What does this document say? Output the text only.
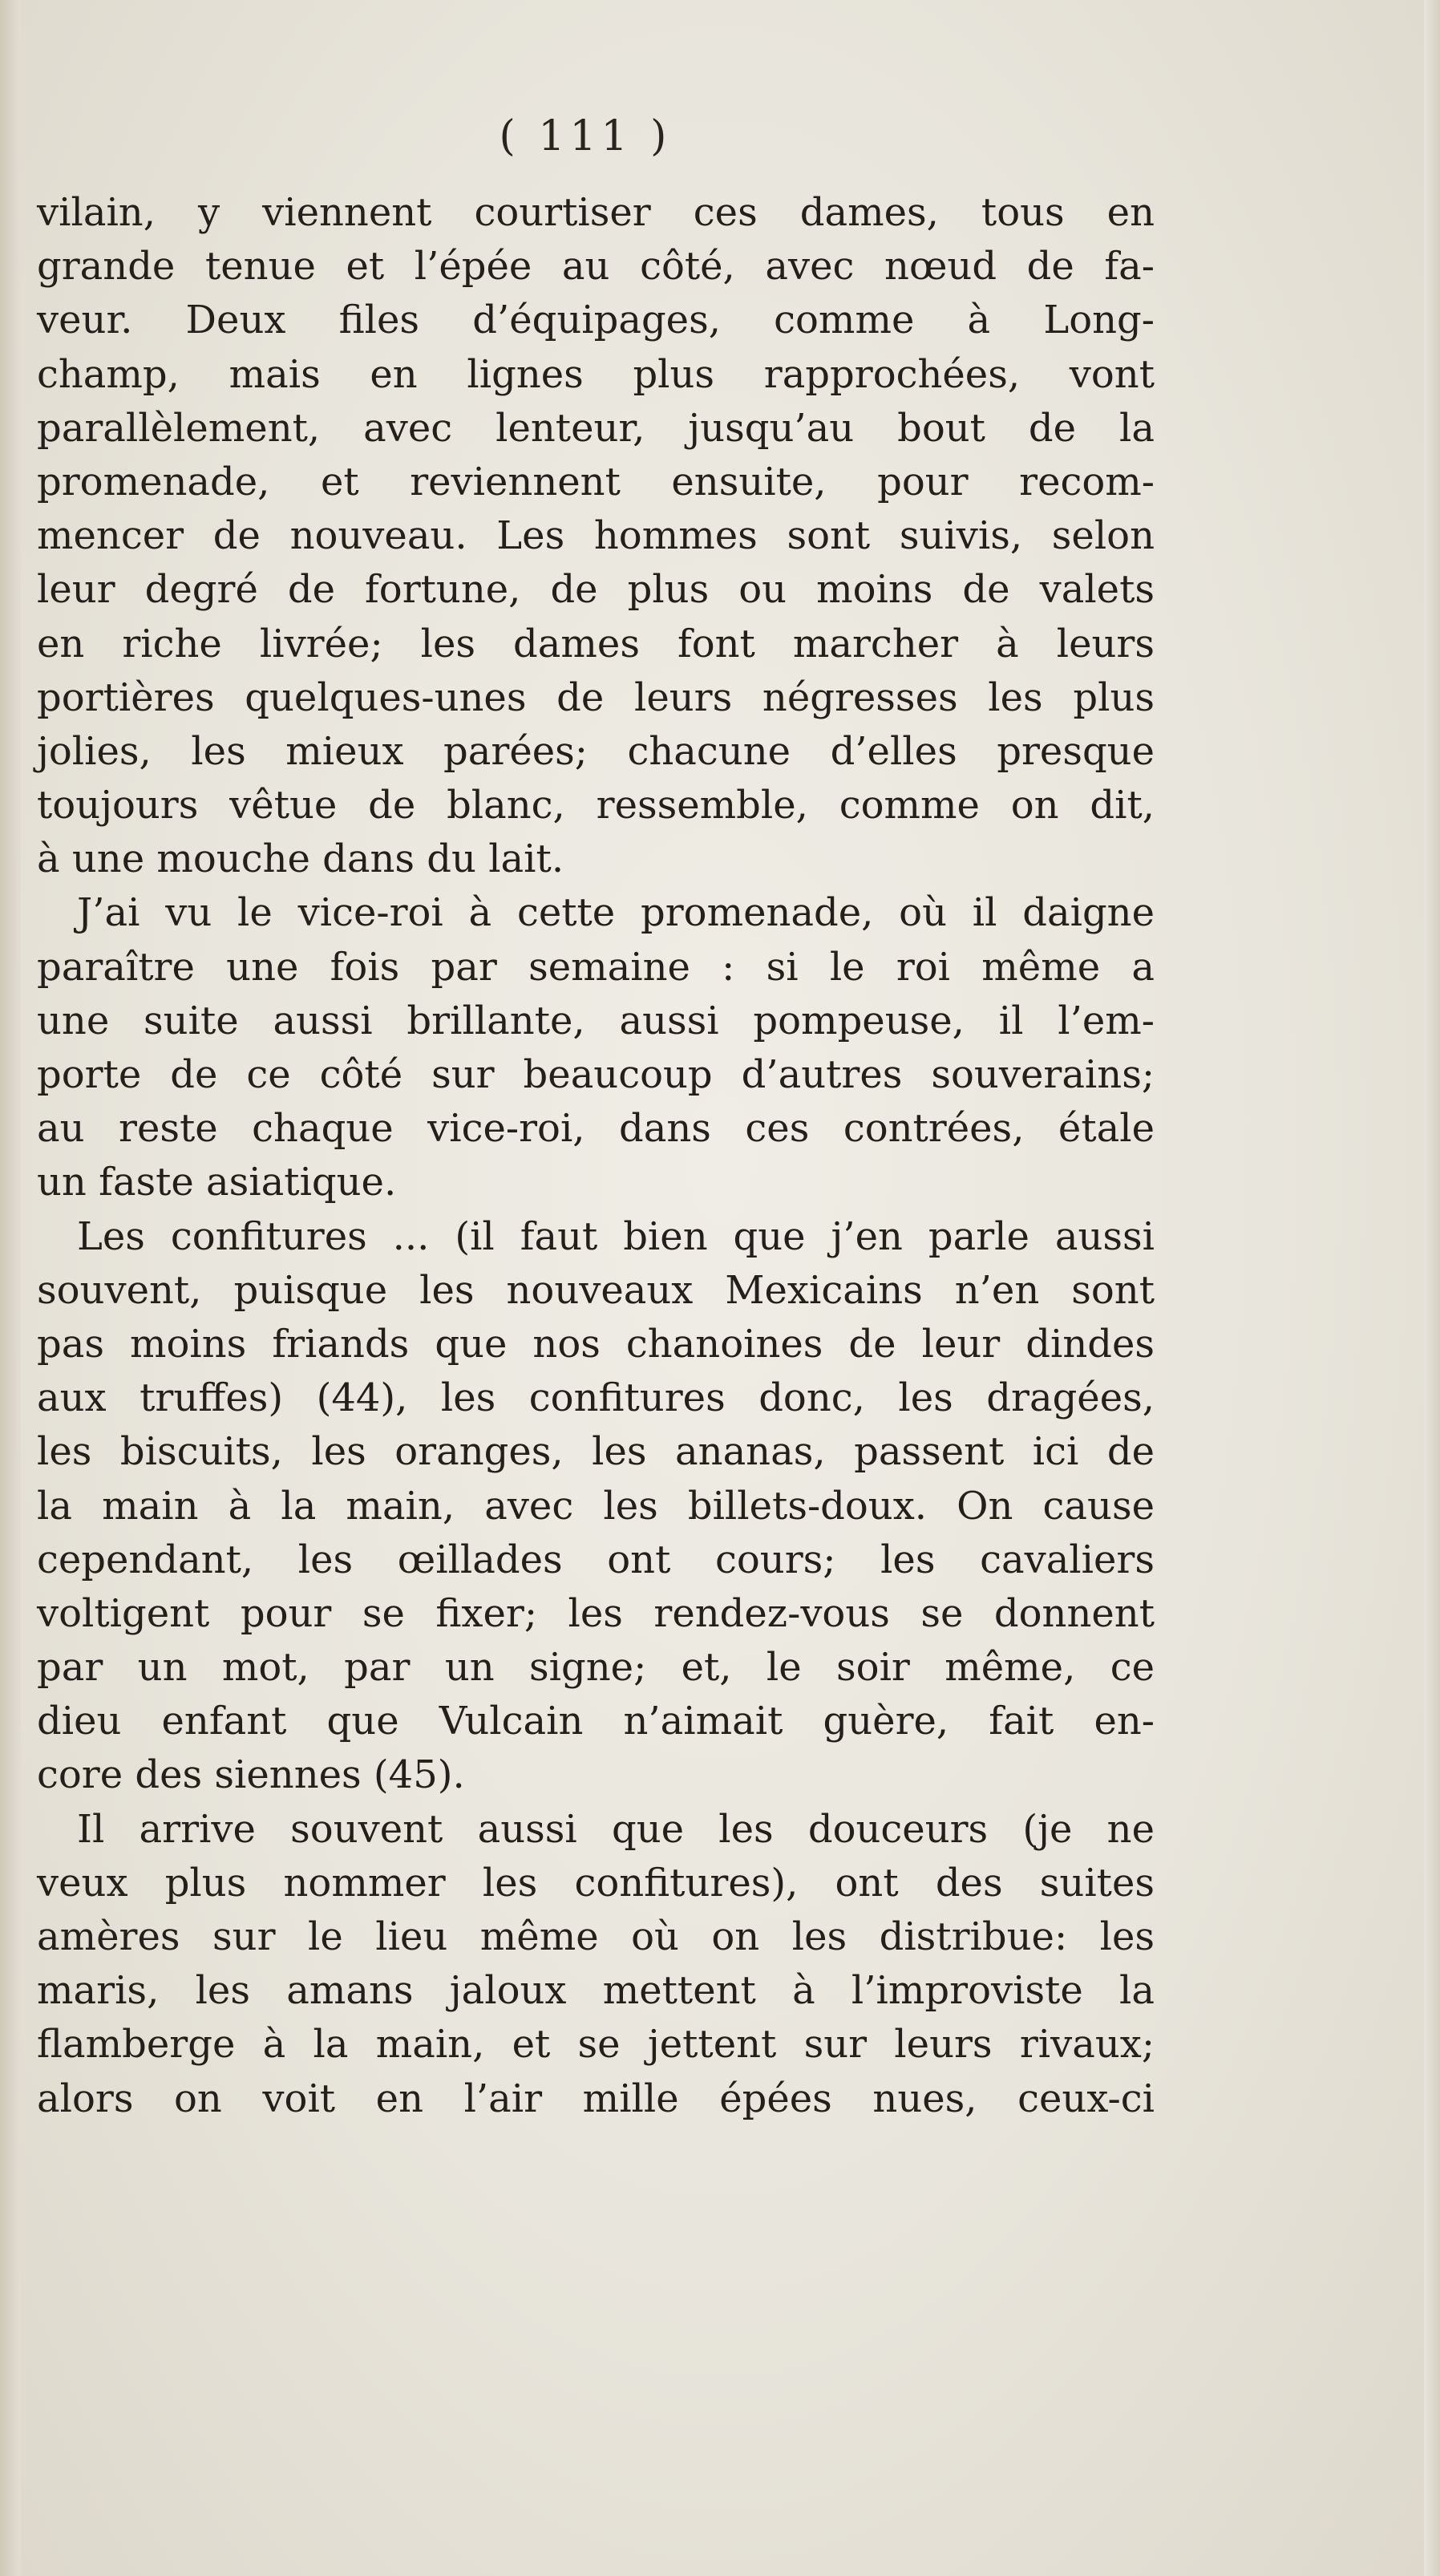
( 111 )
vilain, y viennent courtiser ces dames, tous en
grande tenue et l’épée au côté, avec nœud de fa-
veur. Deux files d’équipages, comme à Long-
champ, mais en lignes plus rapprochées, vont
parallèlement, avec lenteur, jusqu’au bout de la
promenade, et reviennent ensuite, pour recom-
mencer de nouveau. Les hommes sont suivis, selon
leur degré de fortune, de plus ou moins de valets
en riche livrée; les dames font marcher à leurs
portières quelques-unes de leurs négresses les plus
jolies, les mieux parées; chacune d’elles presque
toujours vêtue de blanc, ressemble, comme on dit,
à une mouche dans du lait.
J’ai vu le vice-roi à cette promenade, où il daigne
paraître une fois par semaine : si le roi même a
une suite aussi brillante, aussi pompeuse, il l’em-
porte de ce côté sur beaucoup d’autres souverains;
au reste chaque vice-roi, dans ces contrées, étale
un faste asiatique.
Les confitures ... (il faut bien que j’en parle aussi
souvent, puisque les nouveaux Mexicains n’en sont
pas moins friands que nos chanoines de leur dindes
aux truffes) (44), les confitures donc, les dragées,
les biscuits, les oranges, les ananas, passent ici de
la main à la main, avec les billets-doux. On cause
cependant, les œillades ont cours; les cavaliers
voltigent pour se fixer; les rendez-vous se donnent
par un mot, par un signe; et, le soir même, ce
dieu enfant que Vulcain n’aimait guère, fait en-
core des siennes (45).
Il arrive souvent aussi que les douceurs (je ne
veux plus nommer les confitures), ont des suites
amères sur le lieu même où on les distribue: les
maris, les amans jaloux mettent à l’improviste la
flamberge à la main, et se jettent sur leurs rivaux;
alors on voit en l’air mille épées nues, ceux-ci
